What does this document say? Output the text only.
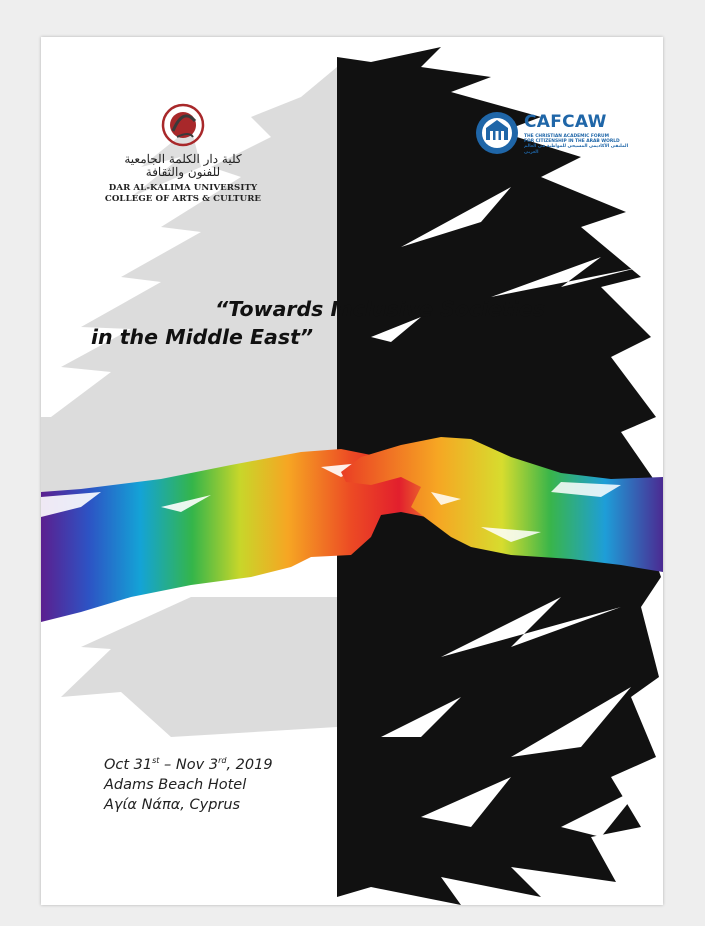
كلية دار الكلمة الجامعية
للفنون والثقافة
DAR AL-KALIMA UNIVERSITY
COLLEGE OF ARTS & CULTURE
CAFCAW
THE CHRISTIAN ACADEMIC FORUM
FOR CITIZENSHIP IN THE ARAB WORLD
الملتقى الأكاديمي المسيحي للمواطنة في العالم العربي
“Towards Inclusive Societies
in the Middle East”
Oct 31st – Nov 3rd, 2019
Adams Beach Hotel
Αγία Νάπα, Cyprus
